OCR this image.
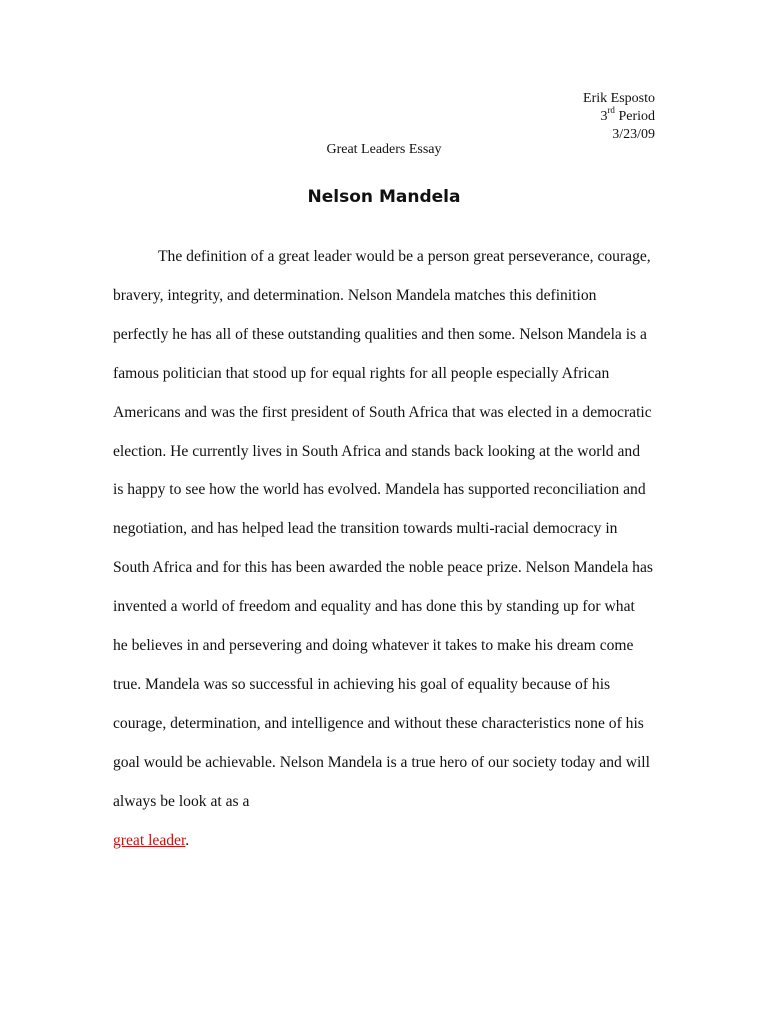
Erik Esposto
3rd Period
3/23/09
Great Leaders Essay
Nelson Mandela

The definition of a great leader would be a person great perseverance, courage, bravery, integrity, and determination. Nelson Mandela matches this definition perfectly he has all of these outstanding qualities and then some. Nelson Mandela is a famous politician that stood up for equal rights for all people especially African Americans and was the first president of South Africa that was elected in a democratic election. He currently lives in South Africa and stands back looking at the world and is happy to see how the world has evolved. Mandela has supported reconciliation and negotiation, and has helped lead the transition towards multi-racial democracy in South Africa and for this has been awarded the noble peace prize. Nelson Mandela has invented a world of freedom and equality and has done this by standing up for what he believes in and persevering and doing whatever it takes to make his dream come true. Mandela was so successful in achieving his goal of equality because of his courage, determination, and intelligence and without these characteristics none of his goal would be achievable. Nelson Mandela is a true hero of our society today and will always be look at as a
great leader.
